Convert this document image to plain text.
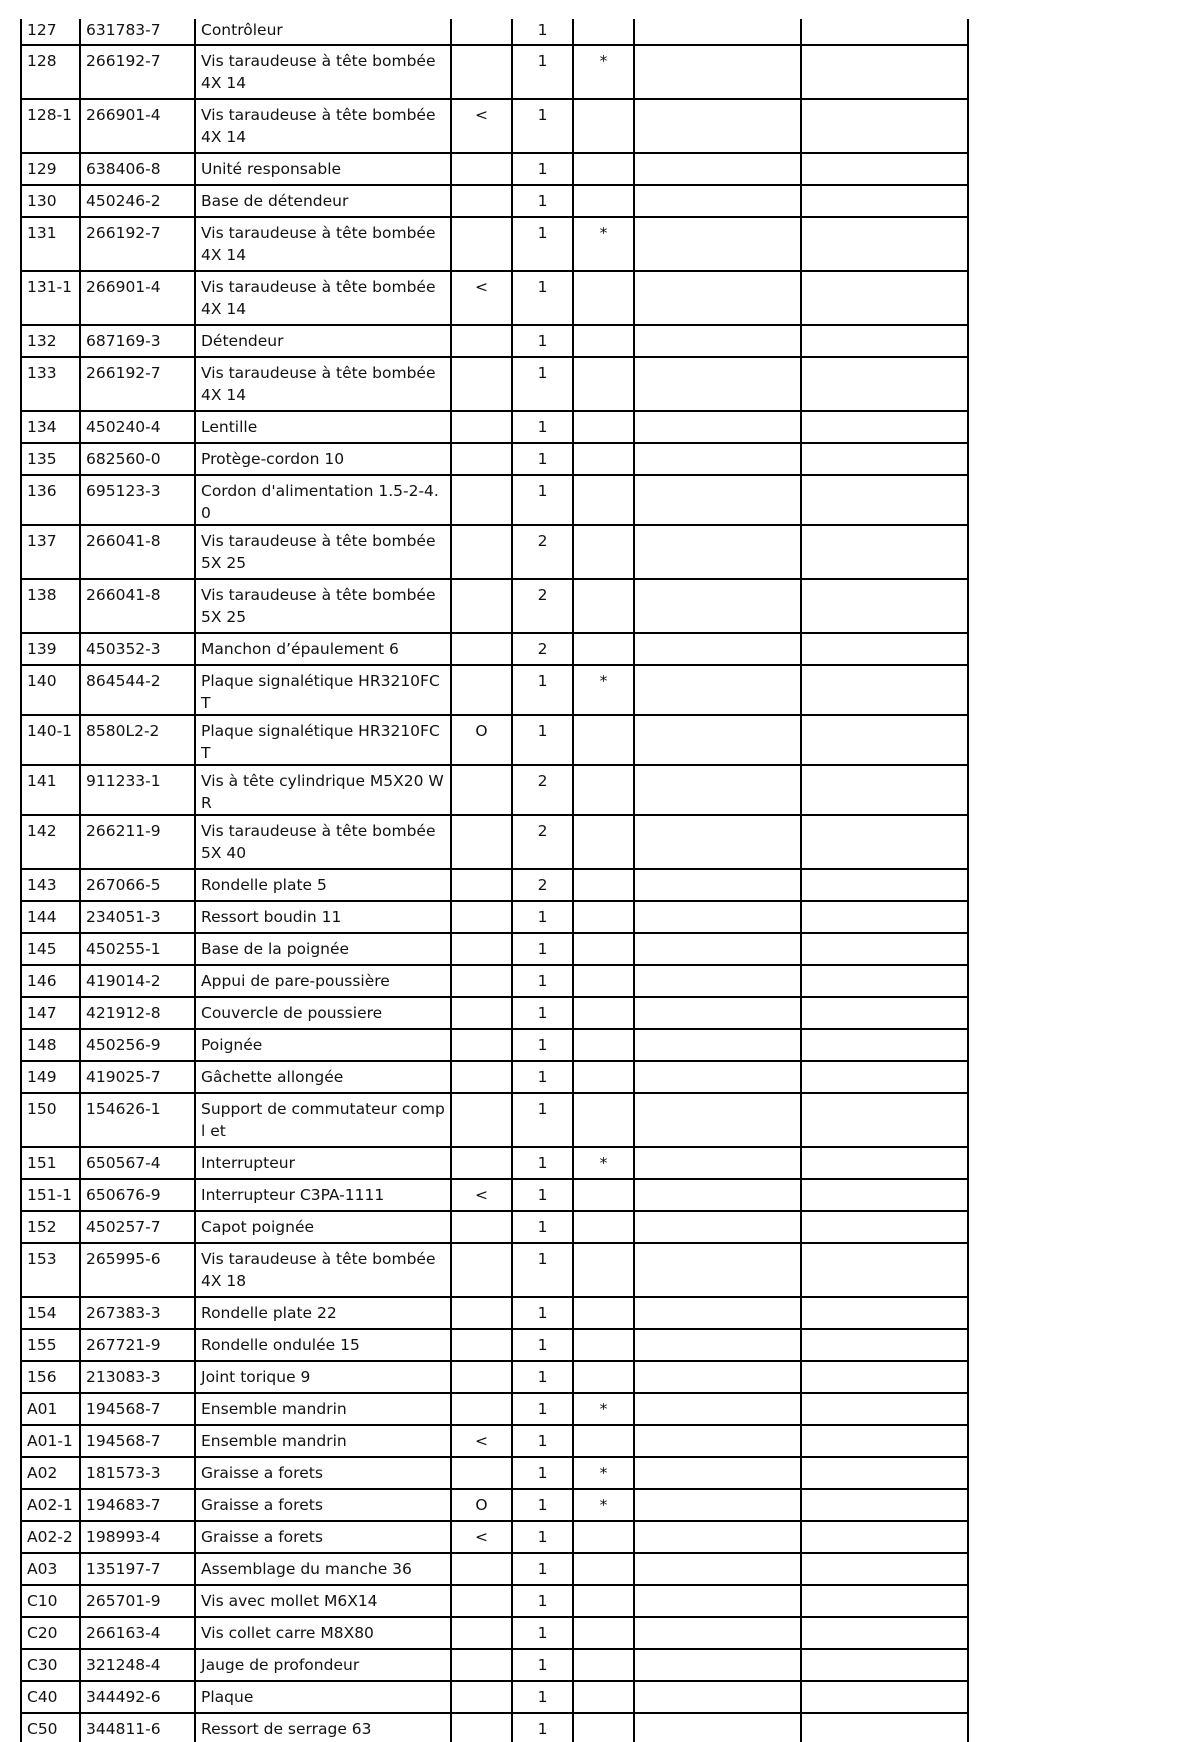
127	631783-7	Contrôleur		1			

128	266192-7	Vis taraudeuse à tête bombée 4X 14		1	*		

128-1	266901-4	Vis taraudeuse à tête bombée 4X 14	<	1			

129	638406-8	Unité responsable		1			

130	450246-2	Base de détendeur		1			

131	266192-7	Vis taraudeuse à tête bombée 4X 14		1	*		

131-1	266901-4	Vis taraudeuse à tête bombée 4X 14	<	1			

132	687169-3	Détendeur		1			

133	266192-7	Vis taraudeuse à tête bombée 4X 14		1			

134	450240-4	Lentille		1			

135	682560-0	Protège-cordon 10		1			

136	695123-3	Cordon d'alimentation 1.5-2-4.0		1			

137	266041-8	Vis taraudeuse à tête bombée 5X 25		2			

138	266041-8	Vis taraudeuse à tête bombée 5X 25		2			

139	450352-3	Manchon d’épaulement 6		2			

140	864544-2	Plaque signalétique HR3210FCT		1	*		

140-1	8580L2-2	Plaque signalétique HR3210FCT	O	1			

141	911233-1	Vis à tête cylindrique M5X20 WR		2			

142	266211-9	Vis taraudeuse à tête bombée 5X 40		2			

143	267066-5	Rondelle plate 5		2			

144	234051-3	Ressort boudin 11		1			

145	450255-1	Base de la poignée		1			

146	419014-2	Appui de pare-poussière		1			

147	421912-8	Couvercle de poussiere		1			

148	450256-9	Poignée		1			

149	419025-7	Gâchette allongée		1			

150	154626-1	Support de commutateur compl et		1			

151	650567-4	Interrupteur		1	*		

151-1	650676-9	Interrupteur C3PA-1111	<	1			

152	450257-7	Capot poignée		1			

153	265995-6	Vis taraudeuse à tête bombée 4X 18		1			

154	267383-3	Rondelle plate 22		1			

155	267721-9	Rondelle ondulée 15		1			

156	213083-3	Joint torique 9		1			

A01	194568-7	Ensemble mandrin		1	*		

A01-1	194568-7	Ensemble mandrin	<	1			

A02	181573-3	Graisse a forets		1	*		

A02-1	194683-7	Graisse a forets	O	1	*		

A02-2	198993-4	Graisse a forets	<	1			

A03	135197-7	Assemblage du manche 36		1			

C10	265701-9	Vis avec mollet M6X14		1			

C20	266163-4	Vis collet carre M8X80		1			

C30	321248-4	Jauge de profondeur		1			

C40	344492-6	Plaque		1			

C50	344811-6	Ressort de serrage 63		1			
